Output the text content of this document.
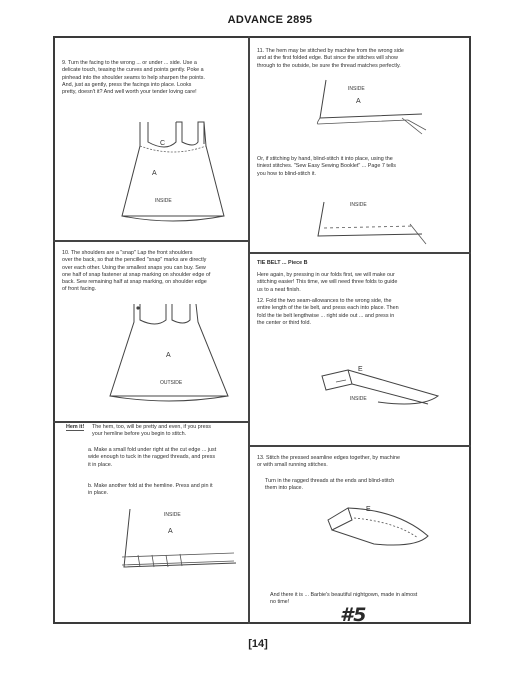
ADVANCE 2895
9. Turn the facing to the wrong ... or under ... side. Use a
delicate touch, teasing the curves and points gently. Poke a
pinhead into the shoulder seams to help sharpen the points.
And, just as gently, press the facings into place. Looks
pretty, doesn't it? And well worth your tender loving care!
C
A
INSIDE
10. The shoulders are a "snap" Lap the front shoulders
over the back, so that the pencilled "snap" marks are directly
over each other. Using the smallest snaps you can buy. Sew
one half of snap fastener at snap marking on shoulder edge of
back. Sew remaining half at snap marking, on shoulder edge
of front facing.
A
OUTSIDE
Hem it! The hem, too, will be pretty and even, if you press
your hemline before you begin to stitch.
a. Make a small fold under right at the cut edge ... just
wide enough to tuck in the ragged threads, and press
it in place.
b. Make another fold at the hemline. Press and pin it
in place.
A
INSIDE
11. The hem may be stitched by machine from the wrong side
and at the first folded edge. But since the stitches will show
through to the outside, be sure the thread matches perfectly.
A
INSIDE
Or, if stitching by hand, blind-stitch it into place, using the
tiniest stitches. "Sew Easy Sewing Booklet" ... Page 7 tells
you how to blind-stitch it.
INSIDE
TIE BELT ... Piece B
Here again, by pressing in our folds first, we will make our
stitching easier! This time, we will need three folds to guide
us to a neat finish.
12. Fold the two seam-allowances to the wrong side, the
entire length of the tie belt, and press each into place. Then
fold the tie belt lengthwise ... right side out ... and press in
the center or third fold.
E
INSIDE
13. Stitch the pressed seamline edges together, by machine
or with small running stitches.
Turn in the ragged threads at the ends and blind-stitch
them into place.
E
And there it is ... Barbie's beautiful nightgown, made in almost
no time!
#5
[14]
